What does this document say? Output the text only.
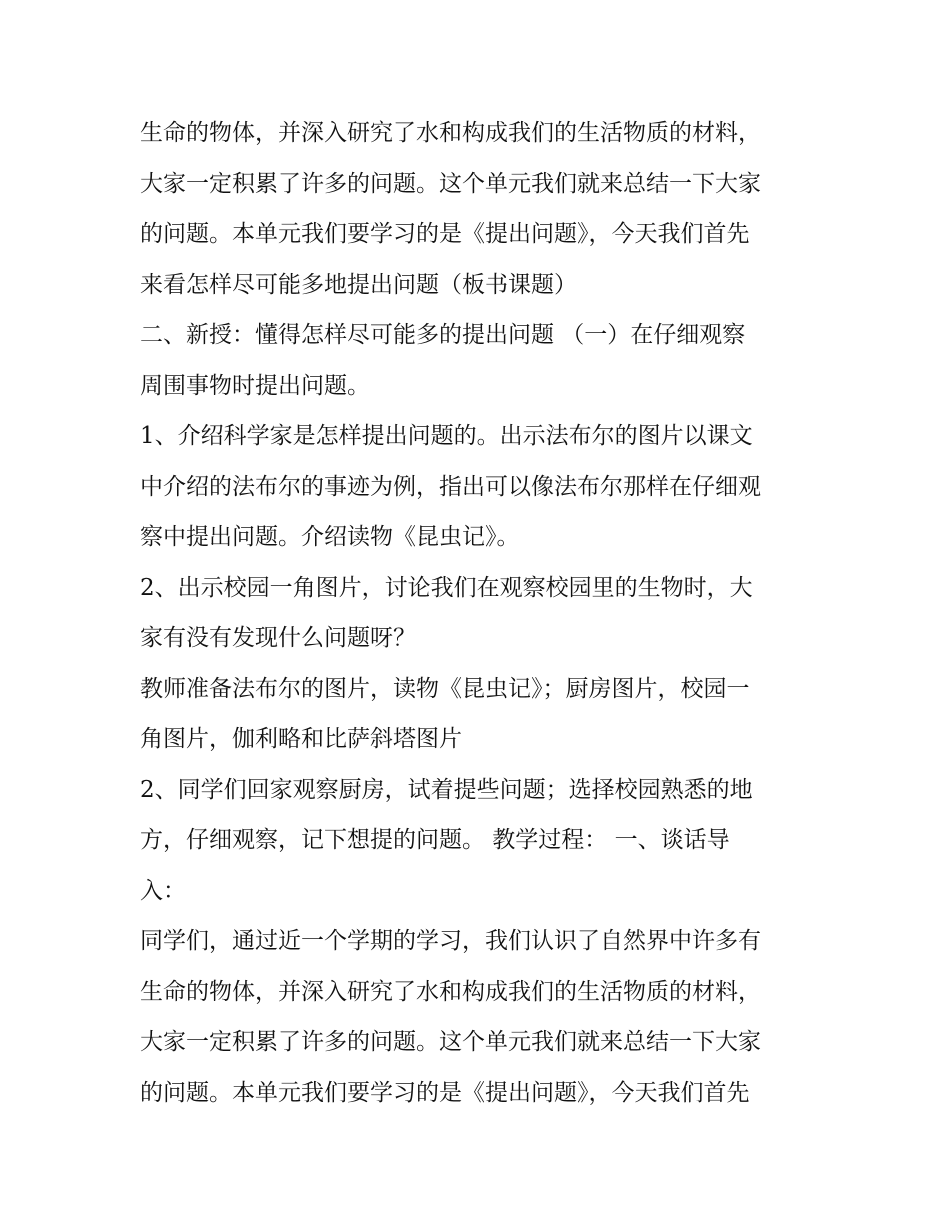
生命的物体，并深入研究了水和构成我们的生活物质的材料，
大家一定积累了许多的问题。这个单元我们就来总结一下大家
的问题。本单元我们要学习的是《提出问题》，今天我们首先
来看怎样尽可能多地提出问题（板书课题）
二、新授：懂得怎样尽可能多的提出问题 （一）在仔细观察
周围事物时提出问题。
1、介绍科学家是怎样提出问题的。出示法布尔的图片以课文
中介绍的法布尔的事迹为例，指出可以像法布尔那样在仔细观
察中提出问题。介绍读物《昆虫记》。
2、出示校园一角图片，讨论我们在观察校园里的生物时，大
家有没有发现什么问题呀？
教师准备法布尔的图片，读物《昆虫记》；厨房图片，校园一
角图片，伽利略和比萨斜塔图片
2、同学们回家观察厨房，试着提些问题；选择校园熟悉的地
方，仔细观察，记下想提的问题。 教学过程： 一、谈话导
入：
同学们，通过近一个学期的学习，我们认识了自然界中许多有
生命的物体，并深入研究了水和构成我们的生活物质的材料，
大家一定积累了许多的问题。这个单元我们就来总结一下大家
的问题。本单元我们要学习的是《提出问题》，今天我们首先
